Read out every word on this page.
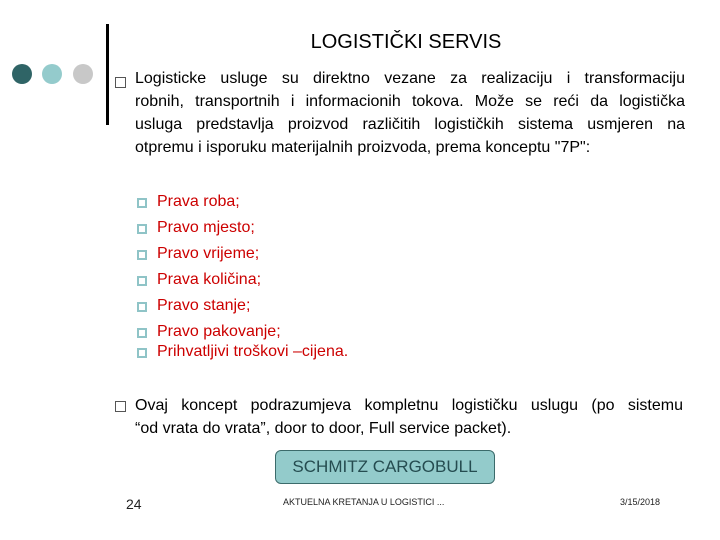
LOGISTIČKI SERVIS
Logisticke usluge su direktno vezane za realizaciju i transformaciju
robnih, transportnih i informacionih tokova. Može se reći da logistička
usluga predstavlja proizvod različitih logističkih sistema usmjeren na
otpremu i isporuku materijalnih proizvoda, prema konceptu "7P":
Prava roba;
Pravo mjesto;
Pravo vrijeme;
Prava količina;
Pravo stanje;
Pravo pakovanje;
Prihvatljivi troškovi –cijena.
Ovaj koncept podrazumjeva kompletnu logističku uslugu (po sistemu
“od vrata do vrata”, door to door, Full service packet).
SCHMITZ CARGOBULL
24	AKTUELNA KRETANJA U LOGISTICI ...	3/15/2018
